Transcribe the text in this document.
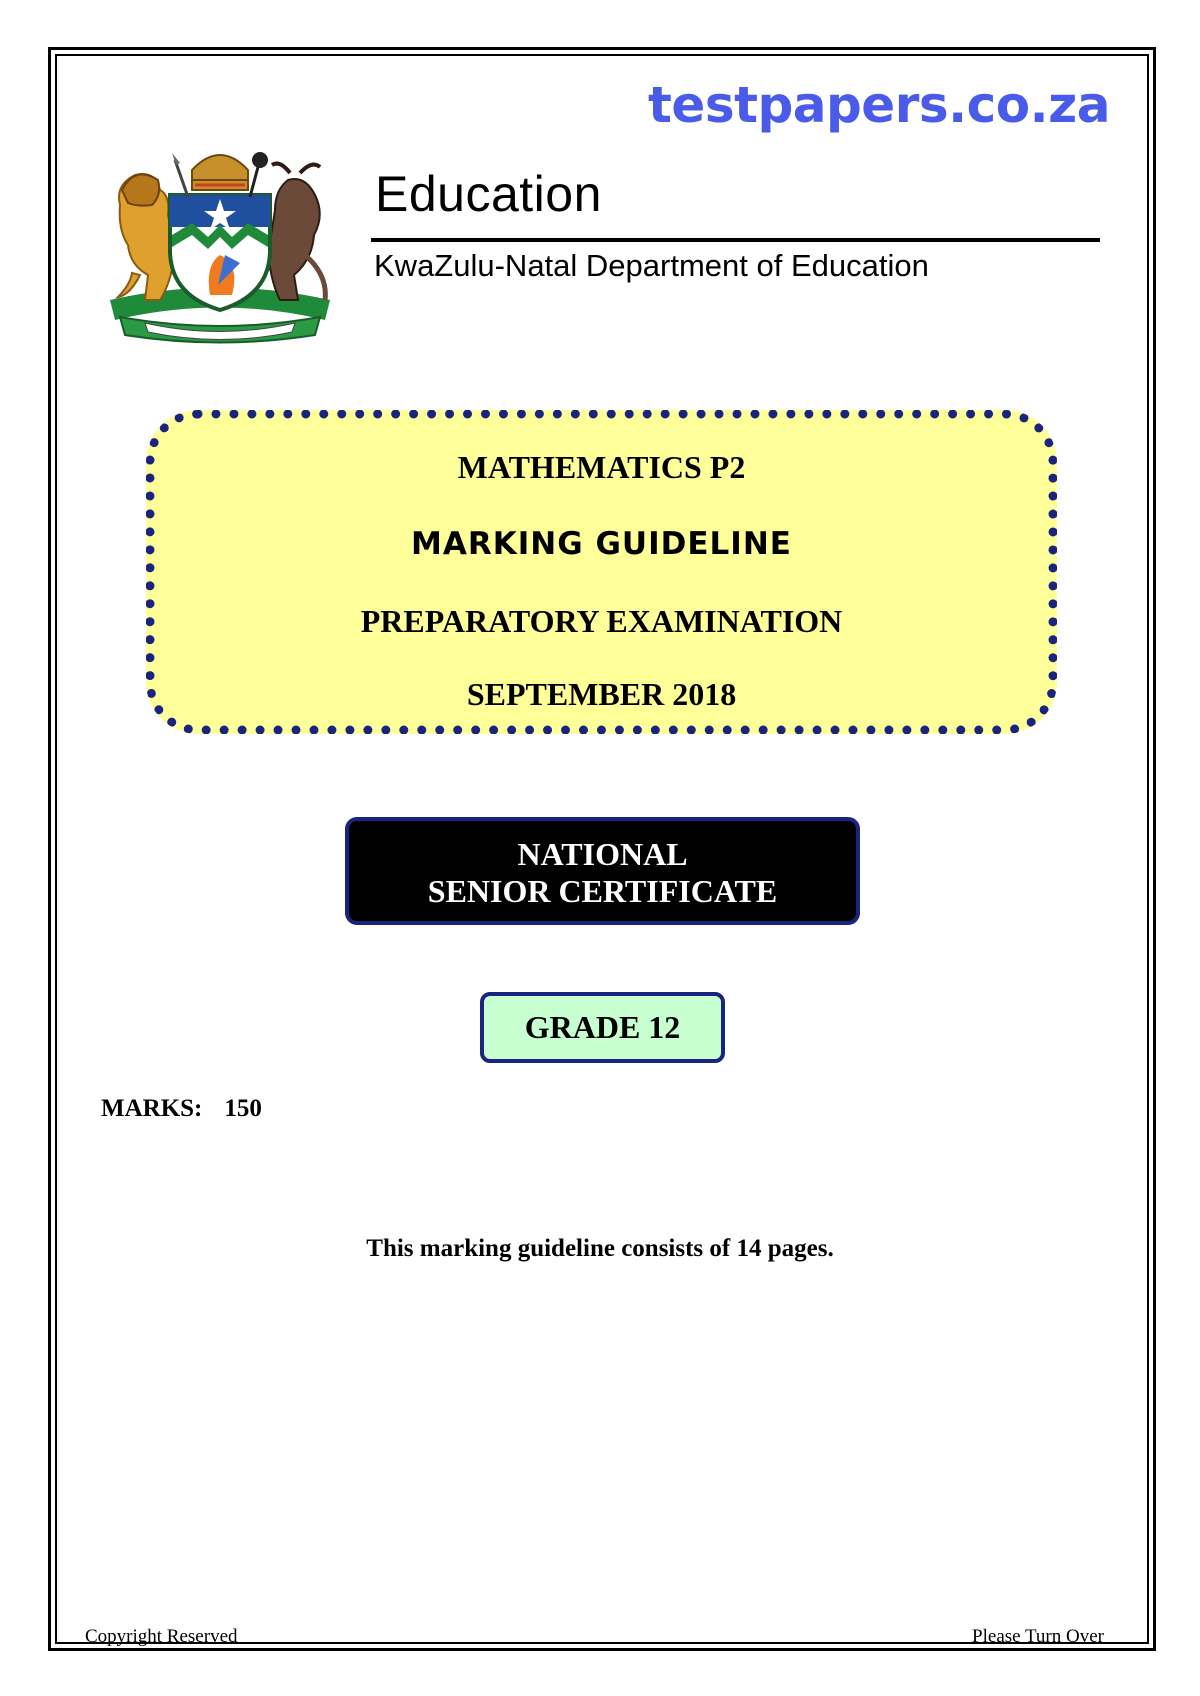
testpapers.co.za
Education
KwaZulu-Natal Department of Education
MATHEMATICS P2
MARKING GUIDELINE
PREPARATORY EXAMINATION
SEPTEMBER 2018
NATIONAL
SENIOR CERTIFICATE
GRADE 12
MARKS: 150
This marking guideline consists of 14 pages.
Copyright Reserved	Please Turn Over
